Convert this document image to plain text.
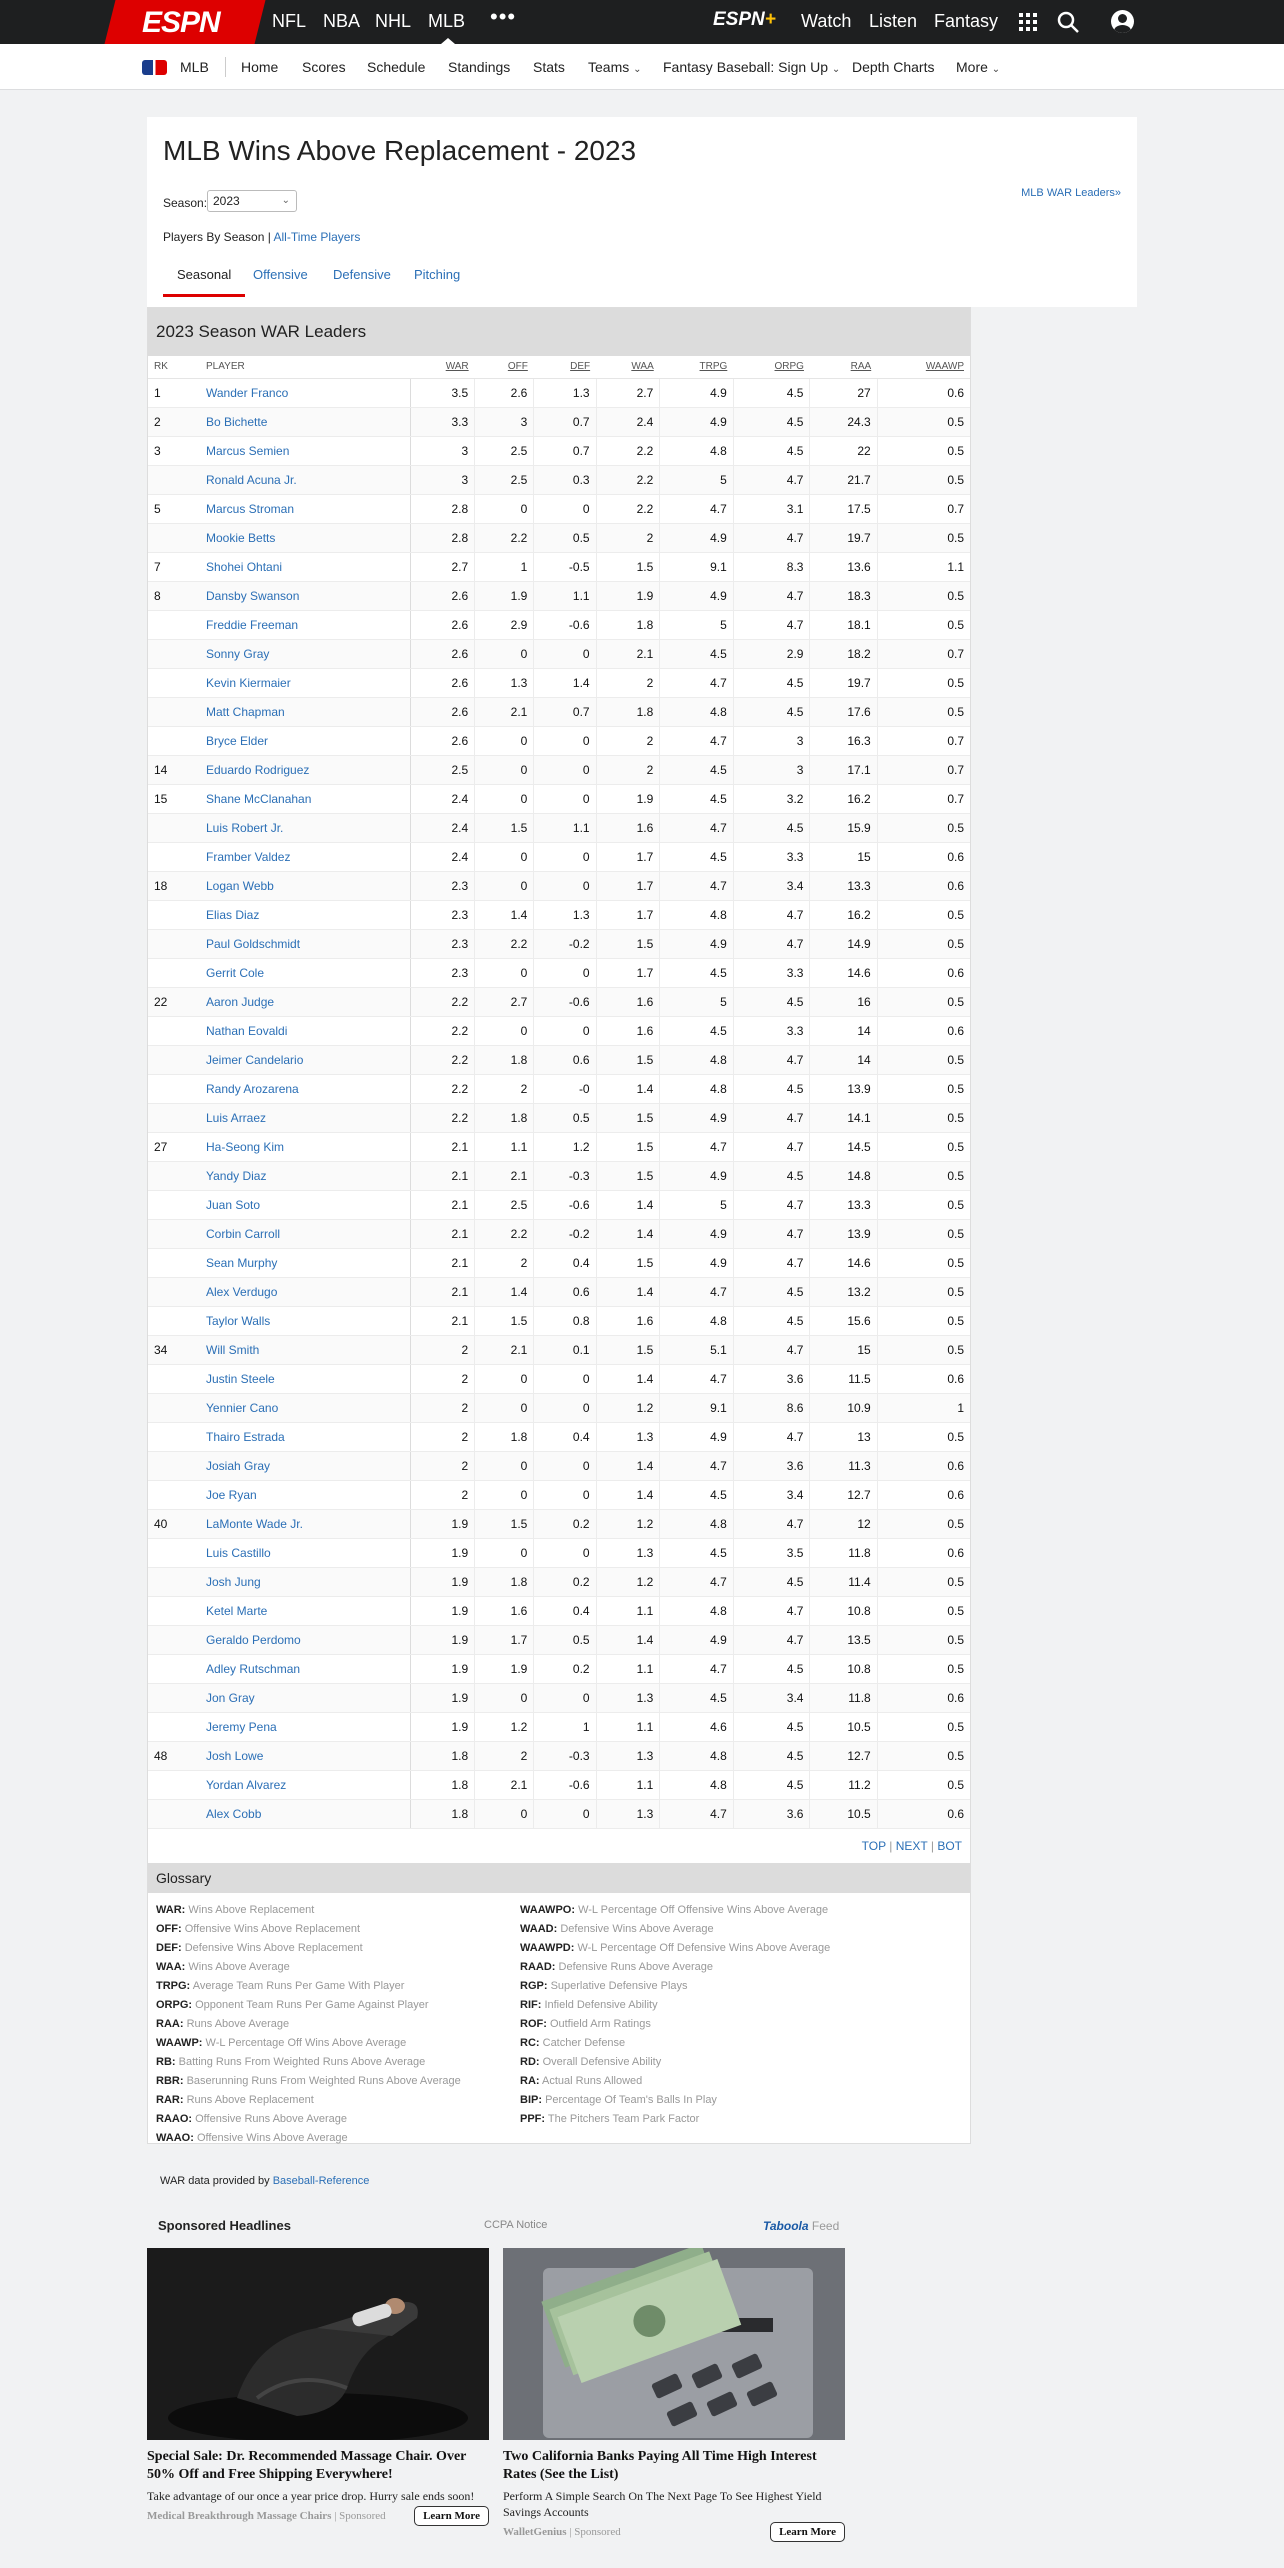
ESPN	NFL NBA NHL MLB •••	ESPN+ Watch Listen Fantasy
MLB Home Scores Schedule Standings Stats Teams ⌄ Fantasy Baseball: Sign Up ⌄ Depth Charts More ⌄
MLB Wins Above Replacement - 2023
Season: 2023	⌄
MLB WAR Leaders»
Players By Season | All-Time Players
Seasonal Offensive Defensive Pitching
2023 Season WAR Leaders
RK	PLAYER	WAR	OFF	DEF	WAA	TRPG	ORPG	RAA	WAAWP
1	Wander Franco	3.5	2.6	1.3	2.7	4.9	4.5	27	0.6
2	Bo Bichette	3.3	3	0.7	2.4	4.9	4.5	24.3	0.5
3	Marcus Semien	3	2.5	0.7	2.2	4.8	4.5	22	0.5
	Ronald Acuna Jr.	3	2.5	0.3	2.2	5	4.7	21.7	0.5
5	Marcus Stroman	2.8	0	0	2.2	4.7	3.1	17.5	0.7
	Mookie Betts	2.8	2.2	0.5	2	4.9	4.7	19.7	0.5
7	Shohei Ohtani	2.7	1	-0.5	1.5	9.1	8.3	13.6	1.1
8	Dansby Swanson	2.6	1.9	1.1	1.9	4.9	4.7	18.3	0.5
	Freddie Freeman	2.6	2.9	-0.6	1.8	5	4.7	18.1	0.5
	Sonny Gray	2.6	0	0	2.1	4.5	2.9	18.2	0.7
	Kevin Kiermaier	2.6	1.3	1.4	2	4.7	4.5	19.7	0.5
	Matt Chapman	2.6	2.1	0.7	1.8	4.8	4.5	17.6	0.5
	Bryce Elder	2.6	0	0	2	4.7	3	16.3	0.7
14	Eduardo Rodriguez	2.5	0	0	2	4.5	3	17.1	0.7
15	Shane McClanahan	2.4	0	0	1.9	4.5	3.2	16.2	0.7
	Luis Robert Jr.	2.4	1.5	1.1	1.6	4.7	4.5	15.9	0.5
	Framber Valdez	2.4	0	0	1.7	4.5	3.3	15	0.6
18	Logan Webb	2.3	0	0	1.7	4.7	3.4	13.3	0.6
	Elias Diaz	2.3	1.4	1.3	1.7	4.8	4.7	16.2	0.5
	Paul Goldschmidt	2.3	2.2	-0.2	1.5	4.9	4.7	14.9	0.5
	Gerrit Cole	2.3	0	0	1.7	4.5	3.3	14.6	0.6
22	Aaron Judge	2.2	2.7	-0.6	1.6	5	4.5	16	0.5
	Nathan Eovaldi	2.2	0	0	1.6	4.5	3.3	14	0.6
	Jeimer Candelario	2.2	1.8	0.6	1.5	4.8	4.7	14	0.5
	Randy Arozarena	2.2	2	-0	1.4	4.8	4.5	13.9	0.5
	Luis Arraez	2.2	1.8	0.5	1.5	4.9	4.7	14.1	0.5
27	Ha-Seong Kim	2.1	1.1	1.2	1.5	4.7	4.7	14.5	0.5
	Yandy Diaz	2.1	2.1	-0.3	1.5	4.9	4.5	14.8	0.5
	Juan Soto	2.1	2.5	-0.6	1.4	5	4.7	13.3	0.5
	Corbin Carroll	2.1	2.2	-0.2	1.4	4.9	4.7	13.9	0.5
	Sean Murphy	2.1	2	0.4	1.5	4.9	4.7	14.6	0.5
	Alex Verdugo	2.1	1.4	0.6	1.4	4.7	4.5	13.2	0.5
	Taylor Walls	2.1	1.5	0.8	1.6	4.8	4.5	15.6	0.5
34	Will Smith	2	2.1	0.1	1.5	5.1	4.7	15	0.5
	Justin Steele	2	0	0	1.4	4.7	3.6	11.5	0.6
	Yennier Cano	2	0	0	1.2	9.1	8.6	10.9	1
	Thairo Estrada	2	1.8	0.4	1.3	4.9	4.7	13	0.5
	Josiah Gray	2	0	0	1.4	4.7	3.6	11.3	0.6
	Joe Ryan	2	0	0	1.4	4.5	3.4	12.7	0.6
40	LaMonte Wade Jr.	1.9	1.5	0.2	1.2	4.8	4.7	12	0.5
	Luis Castillo	1.9	0	0	1.3	4.5	3.5	11.8	0.6
	Josh Jung	1.9	1.8	0.2	1.2	4.7	4.5	11.4	0.5
	Ketel Marte	1.9	1.6	0.4	1.1	4.8	4.7	10.8	0.5
	Geraldo Perdomo	1.9	1.7	0.5	1.4	4.9	4.7	13.5	0.5
	Adley Rutschman	1.9	1.9	0.2	1.1	4.7	4.5	10.8	0.5
	Jon Gray	1.9	0	0	1.3	4.5	3.4	11.8	0.6
	Jeremy Pena	1.9	1.2	1	1.1	4.6	4.5	10.5	0.5
48	Josh Lowe	1.8	2	-0.3	1.3	4.8	4.5	12.7	0.5
	Yordan Alvarez	1.8	2.1	-0.6	1.1	4.8	4.5	11.2	0.5
	Alex Cobb	1.8	0	0	1.3	4.7	3.6	10.5	0.6
TOP | NEXT | BOT
Glossary
WAR: Wins Above Replacement
OFF: Offensive Wins Above Replacement
DEF: Defensive Wins Above Replacement
WAA: Wins Above Average
TRPG: Average Team Runs Per Game With Player
ORPG: Opponent Team Runs Per Game Against Player
RAA: Runs Above Average
WAAWP: W-L Percentage Off Wins Above Average
RB: Batting Runs From Weighted Runs Above Average
RBR: Baserunning Runs From Weighted Runs Above Average
RAR: Runs Above Replacement
RAAO: Offensive Runs Above Average
WAAO: Offensive Wins Above Average
WAAWPO: W-L Percentage Off Offensive Wins Above Average
WAAD: Defensive Wins Above Average
WAAWPD: W-L Percentage Off Defensive Wins Above Average
RAAD: Defensive Runs Above Average
RGP: Superlative Defensive Plays
RIF: Infield Defensive Ability
ROF: Outfield Arm Ratings
RC: Catcher Defense
RD: Overall Defensive Ability
RA: Actual Runs Allowed
BIP: Percentage Of Team's Balls In Play
PPF: The Pitchers Team Park Factor
WAR data provided by Baseball-Reference
Sponsored Headlines	CCPA Notice	Taboola Feed
Special Sale: Dr. Recommended Massage Chair. Over 50% Off and Free Shipping Everywhere!
Take advantage of our once a year price drop. Hurry sale ends soon!
Medical Breakthrough Massage Chairs | Sponsored	Learn More
Two California Banks Paying All Time High Interest Rates (See the List)
Perform A Simple Search On The Next Page To See Highest Yield Savings Accounts
WalletGenius | Sponsored	Learn More
